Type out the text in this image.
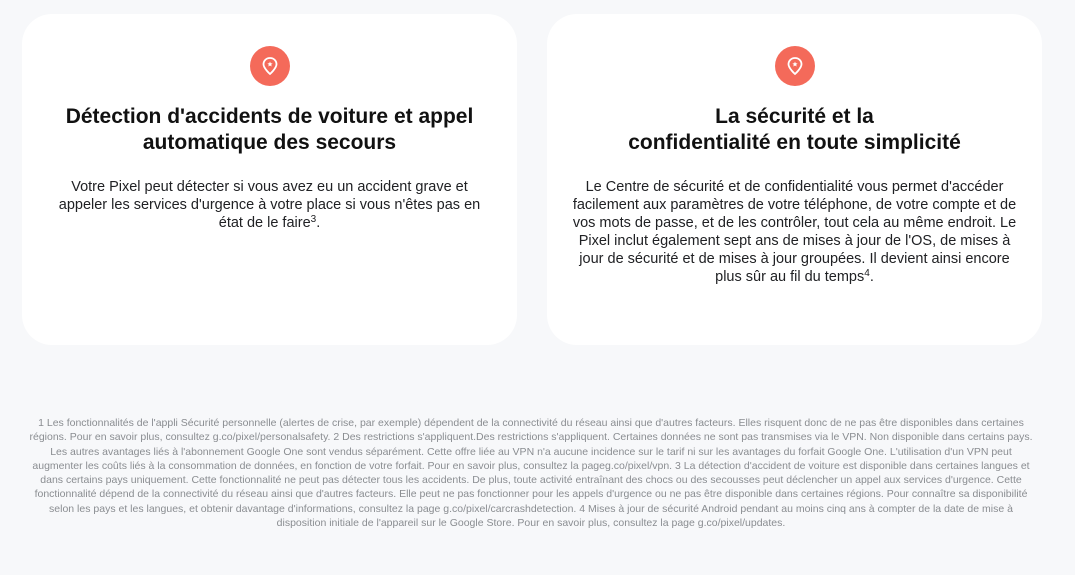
Détection d'accidents de voiture et appel automatique des secours

Votre Pixel peut détecter si vous avez eu un accident grave et appeler les services d'urgence à votre place si vous n'êtes pas en état de le faire$^3$.

La sécurité et la
confidentialité en toute simplicité

Le Centre de sécurité et de confidentialité vous permet d'accéder facilement aux paramètres de votre téléphone, de votre compte et de vos mots de passe, et de les contrôler, tout cela au même endroit. Le Pixel inclut également sept ans de mises à jour de l'OS, de mises à jour de sécurité et de mises à jour groupées. Il devient ainsi encore plus sûr au fil du temps$^4$.

1 Les fonctionnalités de l'appli Sécurité personnelle (alertes de crise, par exemple) dépendent de la connectivité du réseau ainsi que d'autres facteurs. Elles risquent donc de ne pas être disponibles dans certaines régions. Pour en savoir plus, consultez g.co/pixel/personalsafety. 2 Des restrictions s'appliquent.Des restrictions s'appliquent. Certaines données ne sont pas transmises via le VPN. Non disponible dans certains pays. Les autres avantages liés à l'abonnement Google One sont vendus séparément. Cette offre liée au VPN n'a aucune incidence sur le tarif ni sur les avantages du forfait Google One. L'utilisation d'un VPN peut augmenter les coûts liés à la consommation de données, en fonction de votre forfait. Pour en savoir plus, consultez la pageg.co/pixel/vpn. 3 La détection d'accident de voiture est disponible dans certaines langues et dans certains pays uniquement. Cette fonctionnalité ne peut pas détecter tous les accidents. De plus, toute activité entraînant des chocs ou des secousses peut déclencher un appel aux services d'urgence. Cette fonctionnalité dépend de la connectivité du réseau ainsi que d'autres facteurs. Elle peut ne pas fonctionner pour les appels d'urgence ou ne pas être disponible dans certaines régions. Pour connaître sa disponibilité selon les pays et les langues, et obtenir davantage d'informations, consultez la page g.co/pixel/carcrashdetection. 4 Mises à jour de sécurité Android pendant au moins cinq ans à compter de la date de mise à disposition initiale de l'appareil sur le Google Store. Pour en savoir plus, consultez la page g.co/pixel/updates.
